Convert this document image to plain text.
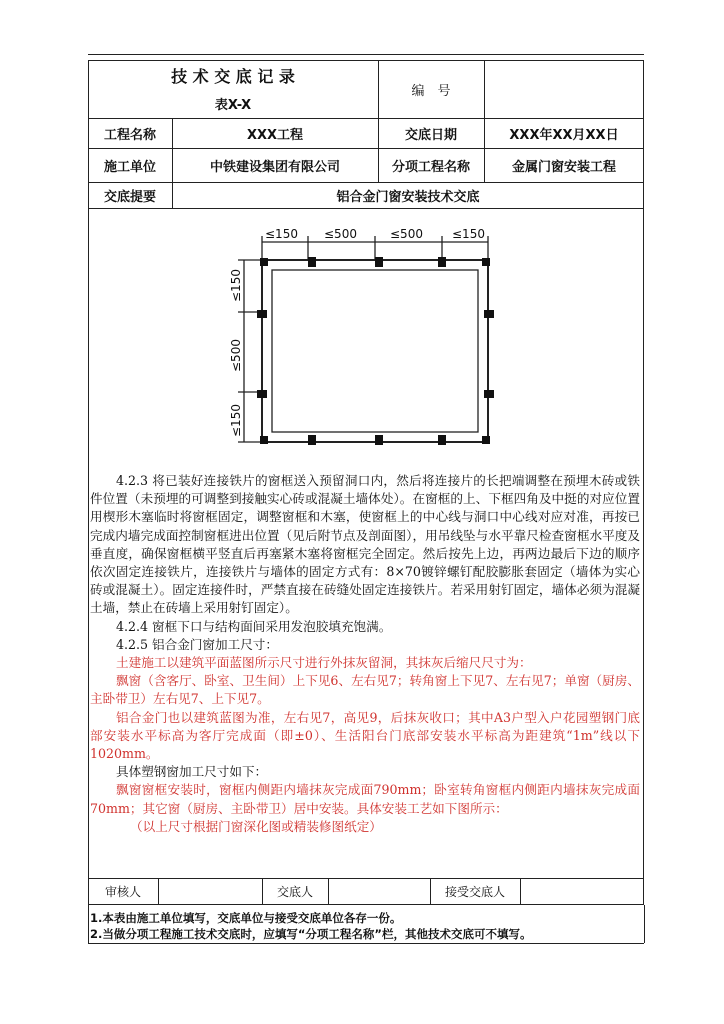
技 术 交 底 记 录
表X-X
编　号
工程名称	XXX工程	交底日期	XXX年XX月XX日
施工单位	中铁建设集团有限公司	分项工程名称	金属门窗安装工程
交底提要	铝合金门窗安装技术交底
≤150 ≤500	≤500 ≤150
≤150
≤500
≤150

4.2.3 将已装好连接铁片的窗框送入预留洞口内，然后将连接片的长把端调整在预埋木砖或铁件位置（未预埋的可调整到接触实心砖或混凝土墙体处）。在窗框的上、下框四角及中挺的对应位置用楔形木塞临时将窗框固定，调整窗框和木塞，使窗框上的中心线与洞口中心线对应对准，再按已完成内墙完成面控制窗框进出位置（见后附节点及剖面图），用吊线坠与水平靠尺检查窗框水平度及垂直度，确保窗框横平竖直后再塞紧木塞将窗框完全固定。然后按先上边，再两边最后下边的顺序依次固定连接铁片，连接铁片与墙体的固定方式有：8×70镀锌螺钉配胶膨胀套固定（墙体为实心砖或混凝土）。固定连接件时，严禁直接在砖缝处固定连接铁片。若采用射钉固定，墙体必须为混凝土墙，禁止在砖墙上采用射钉固定）。

4.2.4 窗框下口与结构面间采用发泡胶填充饱满。

4.2.5 铝合金门窗加工尺寸：

土建施工以建筑平面蓝图所示尺寸进行外抹灰留洞，其抹灰后缩尺尺寸为：

飘窗（含客厅、卧室、卫生间）上下见6、左右见7；转角窗上下见7、左右见7；单窗（厨房、主卧带卫）左右见7、上下见7。

铝合金门也以建筑蓝图为准，左右见7，高见9，后抹灰收口；其中A3户型入户花园塑钢门底部安装水平标高为客厅完成面（即±0）、生活阳台门底部安装水平标高为距建筑“1m”线以下1020mm。

具体塑钢窗加工尺寸如下：

飘窗窗框安装时，窗框内侧距内墙抹灰完成面790mm；卧室转角窗框内侧距内墙抹灰完成面70mm；其它窗（厨房、主卧带卫）居中安装。具体安装工艺如下图所示：

（以上尺寸根据门窗深化图或精装修图纸定）

审核人	交底人	接受交底人
1.本表由施工单位填写，交底单位与接受交底单位各存一份。
2.当做分项工程施工技术交底时，应填写“分项工程名称”栏，其他技术交底可不填写。
